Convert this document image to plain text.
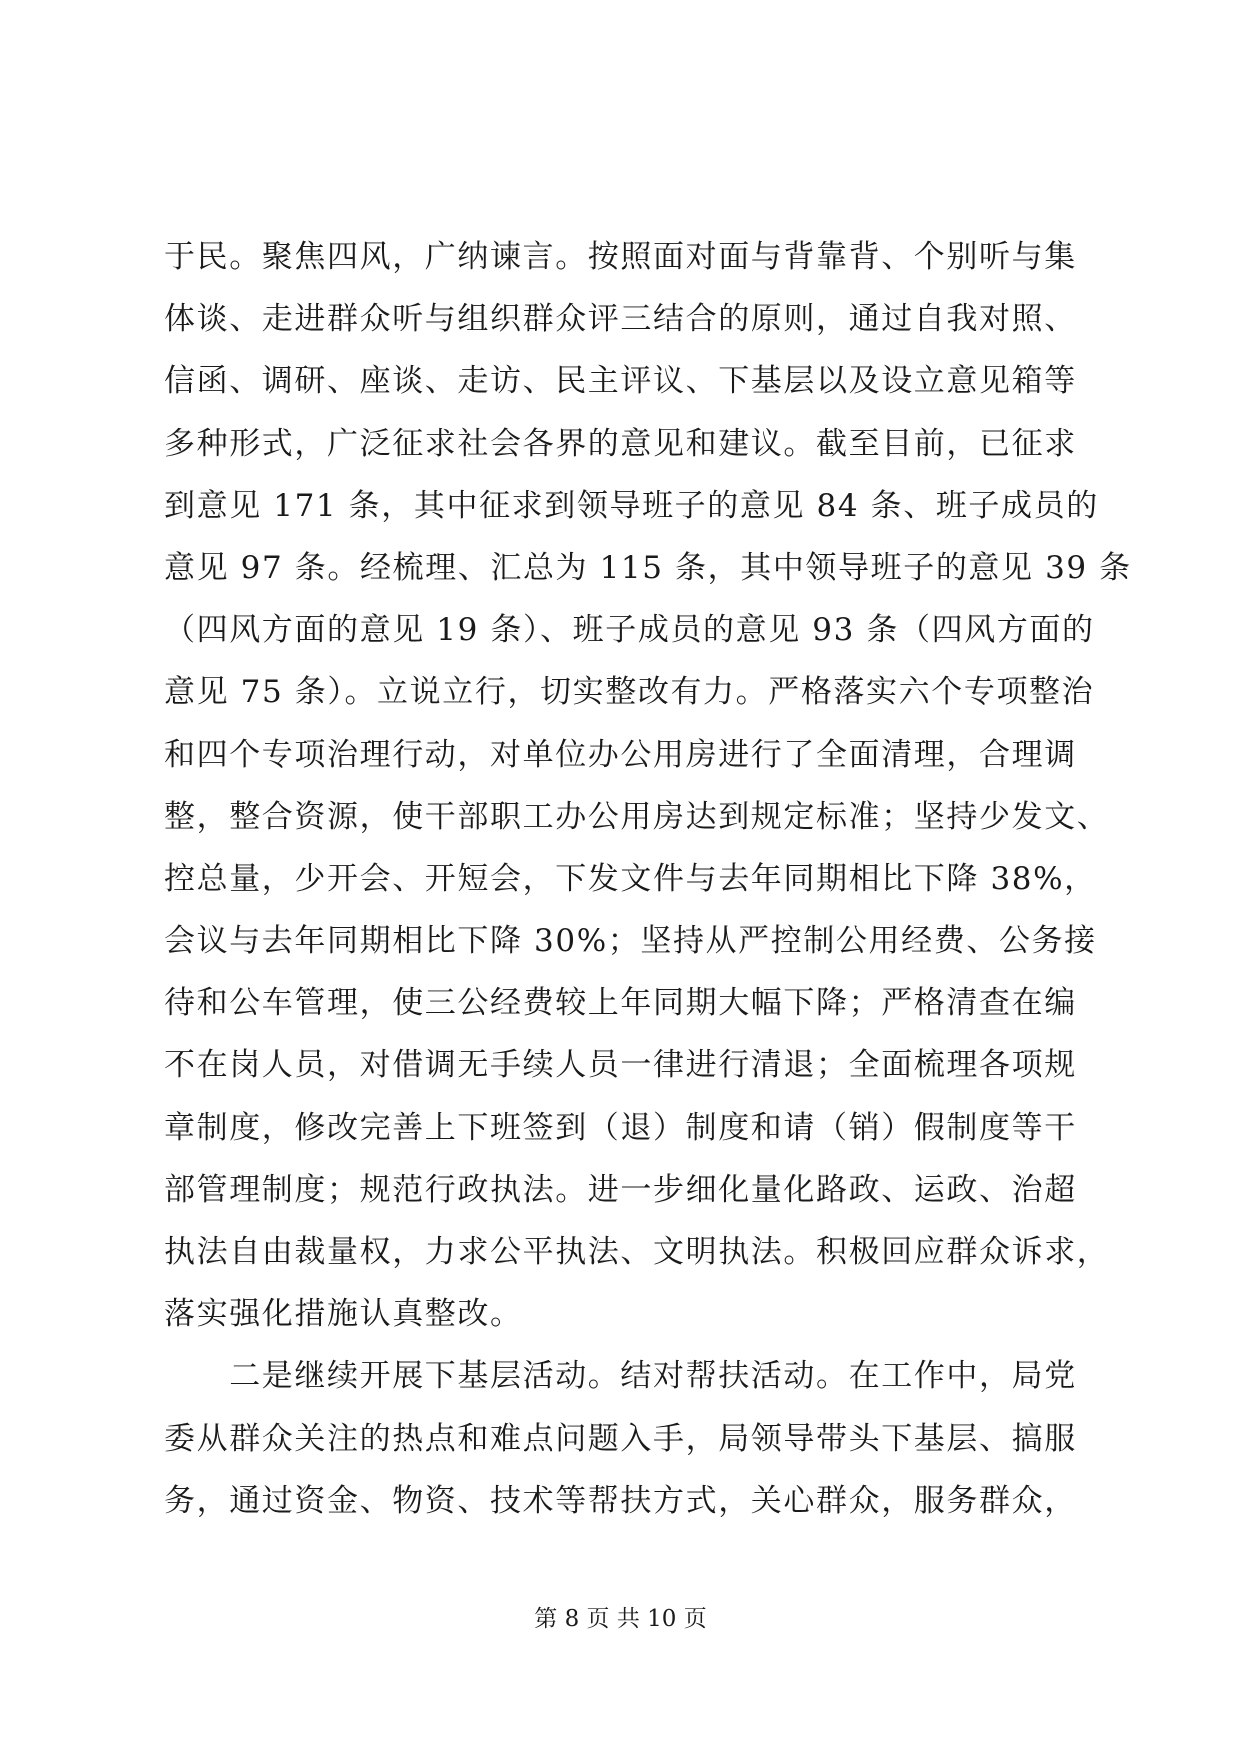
于民。聚焦四风，广纳谏言。按照面对面与背靠背、个别听与集
体谈、走进群众听与组织群众评三结合的原则，通过自我对照、
信函、调研、座谈、走访、民主评议、下基层以及设立意见箱等
多种形式，广泛征求社会各界的意见和建议。截至目前，已征求
到意见 171 条，其中征求到领导班子的意见 84 条、班子成员的
意见 97 条。经梳理、汇总为 115 条，其中领导班子的意见 39 条
（四风方面的意见 19 条）、班子成员的意见 93 条（四风方面的
意见 75 条）。立说立行，切实整改有力。严格落实六个专项整治
和四个专项治理行动，对单位办公用房进行了全面清理，合理调
整，整合资源，使干部职工办公用房达到规定标准；坚持少发文、
控总量，少开会、开短会，下发文件与去年同期相比下降 38%，
会议与去年同期相比下降 30%；坚持从严控制公用经费、公务接
待和公车管理，使三公经费较上年同期大幅下降；严格清查在编
不在岗人员，对借调无手续人员一律进行清退；全面梳理各项规
章制度，修改完善上下班签到（退）制度和请（销）假制度等干
部管理制度；规范行政执法。进一步细化量化路政、运政、治超
执法自由裁量权，力求公平执法、文明执法。积极回应群众诉求，
落实强化措施认真整改。
　　二是继续开展下基层活动。结对帮扶活动。在工作中，局党
委从群众关注的热点和难点问题入手，局领导带头下基层、搞服
务，通过资金、物资、技术等帮扶方式，关心群众，服务群众，
第 8 页 共 10 页
